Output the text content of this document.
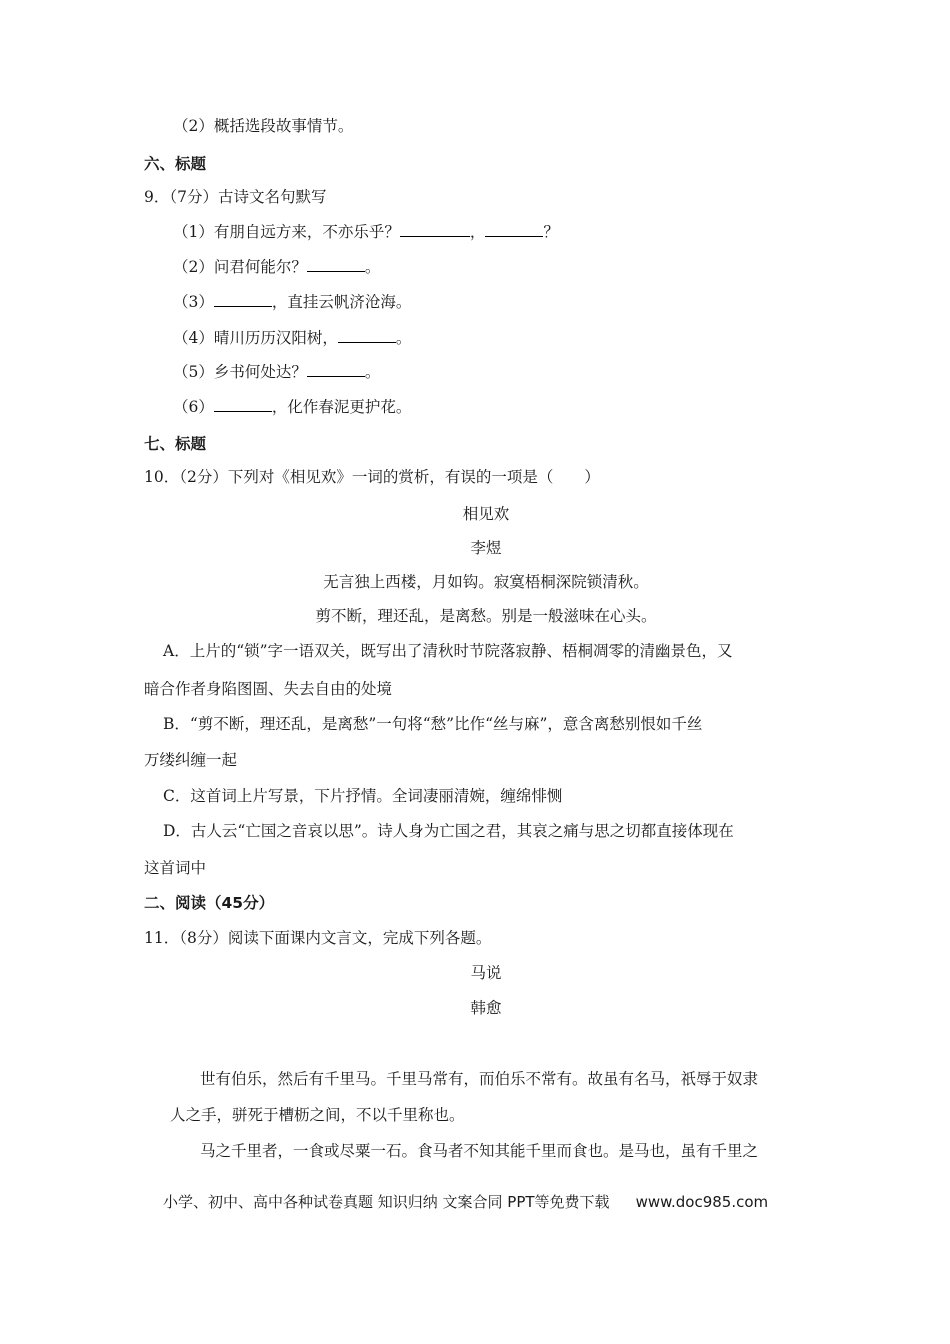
（2）概括选段故事情节。
六、标题
9．（7分）古诗文名句默写
（1）有朋自远方来，不亦乐乎？	，	？
（2）问君何能尔？	。
（3）	，直挂云帆济沧海。
（4）晴川历历汉阳树，	。
（5）乡书何处达？	。
（6）	，化作春泥更护花。
七、标题
10．（2分）下列对《相见欢》一词的赏析，有误的一项是（　　）
相见欢
李煜
无言独上西楼，月如钩。寂寞梧桐深院锁清秋。
剪不断，理还乱，是离愁。别是一般滋味在心头。
A．上片的“锁”字一语双关，既写出了清秋时节院落寂静、梧桐凋零的清幽景色，又
暗合作者身陷图圄、失去自由的处境
B．“剪不断，理还乱，是离愁”一句将“愁”比作“丝与麻”，意含离愁别恨如千丝
万缕纠缠一起
C．这首词上片写景，下片抒情。全词凄丽清婉，缠绵悱恻
D．古人云“亡国之音哀以思”。诗人身为亡国之君，其哀之痛与思之切都直接体现在
这首词中
二、阅读（45分）
11．（8分）阅读下面课内文言文，完成下列各题。
马说
韩愈
世有伯乐，然后有千里马。千里马常有，而伯乐不常有。故虽有名马，祇辱于奴隶
人之手，骈死于槽枥之间，不以千里称也。
马之千里者，一食或尽粟一石。食马者不知其能千里而食也。是马也，虽有千里之
小学、初中、高中各种试卷真题 知识归纳 文案合同 PPT等免费下载 www.doc985.com
